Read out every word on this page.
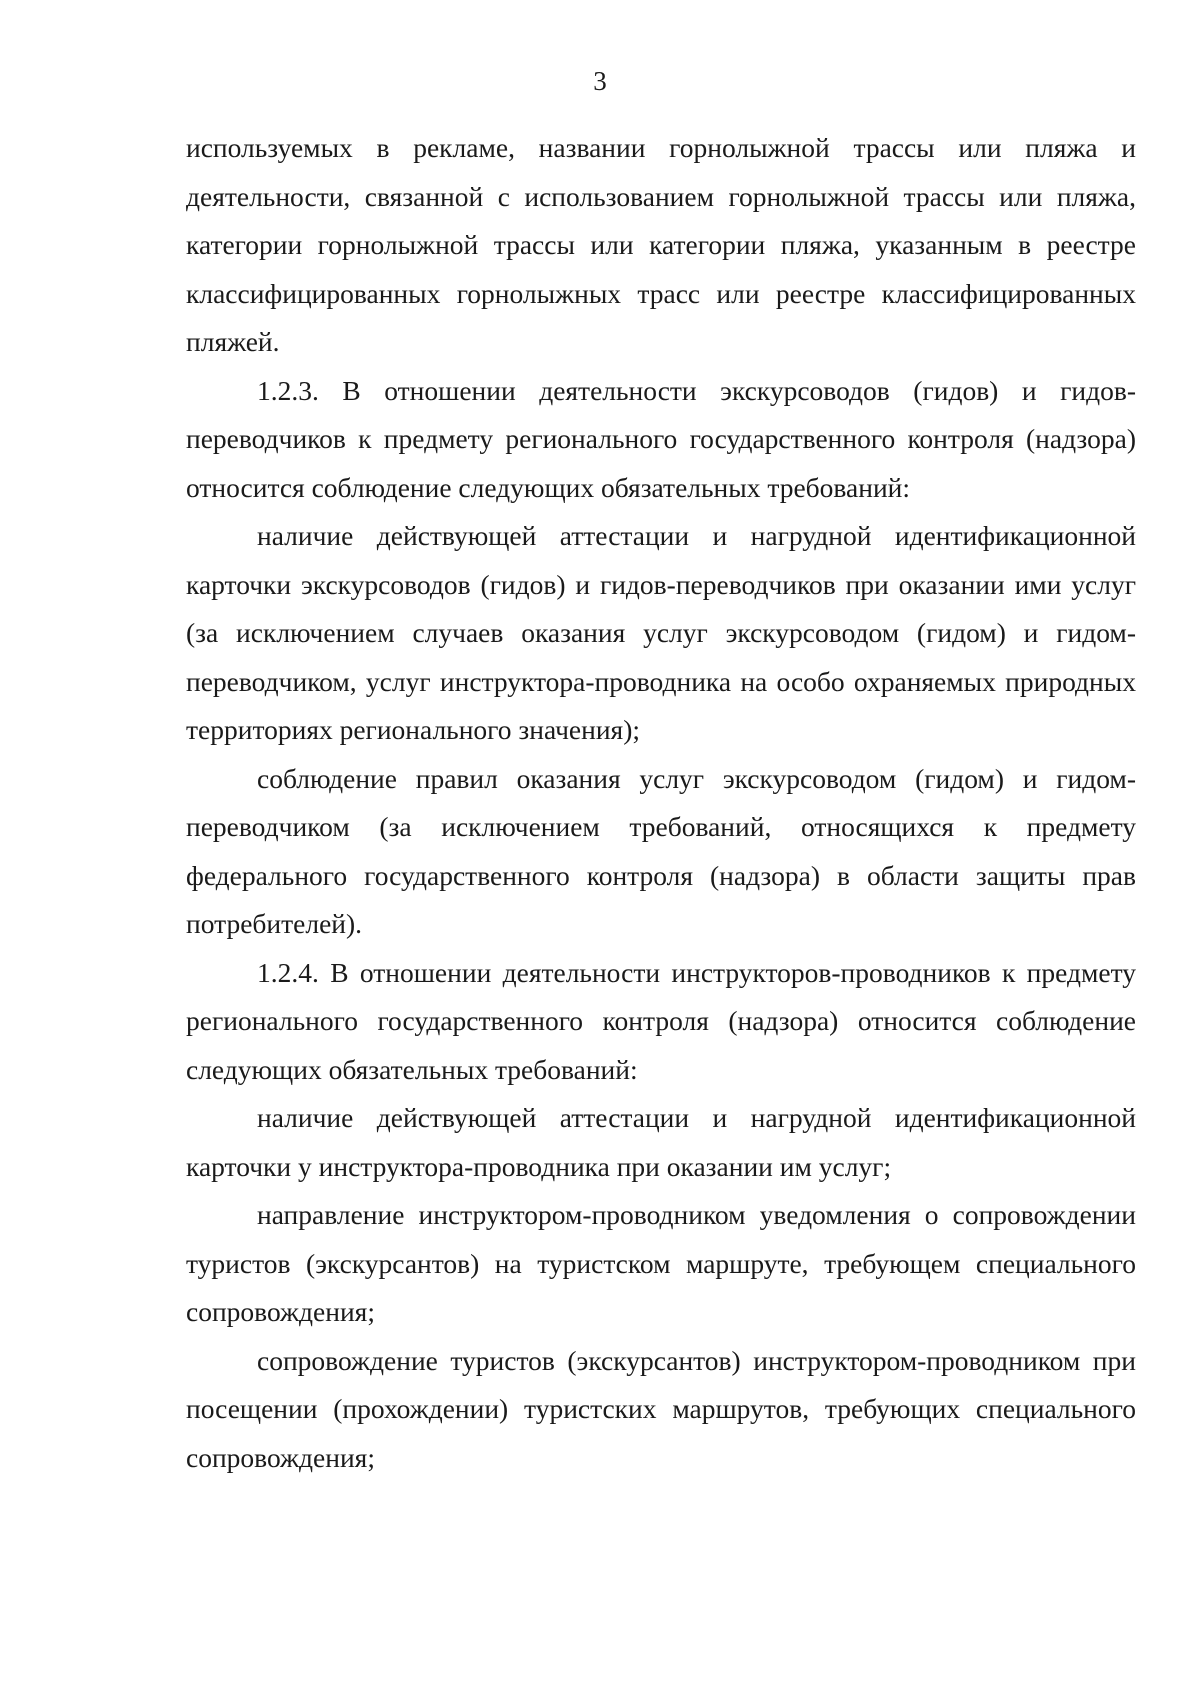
3

используемых в рекламе, названии горнолыжной трассы или пляжа и деятельности, связанной с использованием горнолыжной трассы или пляжа, категории горнолыжной трассы или категории пляжа, указанным в реестре классифицированных горнолыжных трасс или реестре классифицированных пляжей.

1.2.3. В отношении деятельности экскурсоводов (гидов) и гидов-переводчиков к предмету регионального государственного контроля (надзора) относится соблюдение следующих обязательных требований:

наличие действующей аттестации и нагрудной идентификационной карточки экскурсоводов (гидов) и гидов-переводчиков при оказании ими услуг (за исключением случаев оказания услуг экскурсоводом (гидом) и гидом-переводчиком, услуг инструктора-проводника на особо охраняемых природных территориях регионального значения);

соблюдение правил оказания услуг экскурсоводом (гидом) и гидом-переводчиком (за исключением требований, относящихся к предмету федерального государственного контроля (надзора) в области защиты прав потребителей).

1.2.4. В отношении деятельности инструкторов-проводников к предмету регионального государственного контроля (надзора) относится соблюдение следующих обязательных требований:

наличие действующей аттестации и нагрудной идентификационной карточки у инструктора-проводника при оказании им услуг;

направление инструктором-проводником уведомления о сопровождении туристов (экскурсантов) на туристском маршруте, требующем специального сопровождения;

сопровождение туристов (экскурсантов) инструктором-проводником при посещении (прохождении) туристских маршрутов, требующих специального сопровождения;
